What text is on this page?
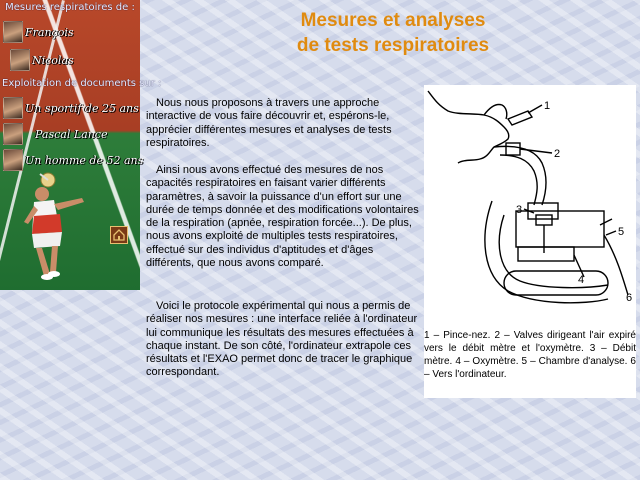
Mesures respiratoires de :
François
Nicolas
Exploitation de documents sur :
Un sportif de 25 ans
Pascal Lance
Un homme de 52 ans
Mesures et analyses
de tests respiratoires

Nous nous proposons à travers une approche interactive de vous faire découvrir et, espérons-le, apprécier différentes mesures et analyses de tests respiratoires.

Ainsi nous avons effectué des mesures de nos capacités respiratoires en faisant varier différents paramètres, à savoir la puissance d'un effort sur une durée de temps donnée et des modifications volontaires de la respiration (apnée, respiration forcée...). De plus, nous avons exploité de multiples tests respiratoires, effectué sur des individus d'aptitudes et d'âges différents, que nous avons comparé.

Voici le protocole expérimental qui nous a permis de réaliser nos mesures : une interface reliée à l'ordinateur lui communique les résultats des mesures effectuées à chaque instant. De son côté, l'ordinateur extrapole ces résultats et l'EXAO permet donc de tracer le graphique correspondant.

1
2
3
4
5
6

1 – Pince-nez. 2 – Valves dirigeant l'air expiré vers le débit mètre et l'oxymètre. 3 – Débit mètre. 4 – Oxymètre. 5 – Chambre d'analyse. 6 – Vers l'ordinateur.
